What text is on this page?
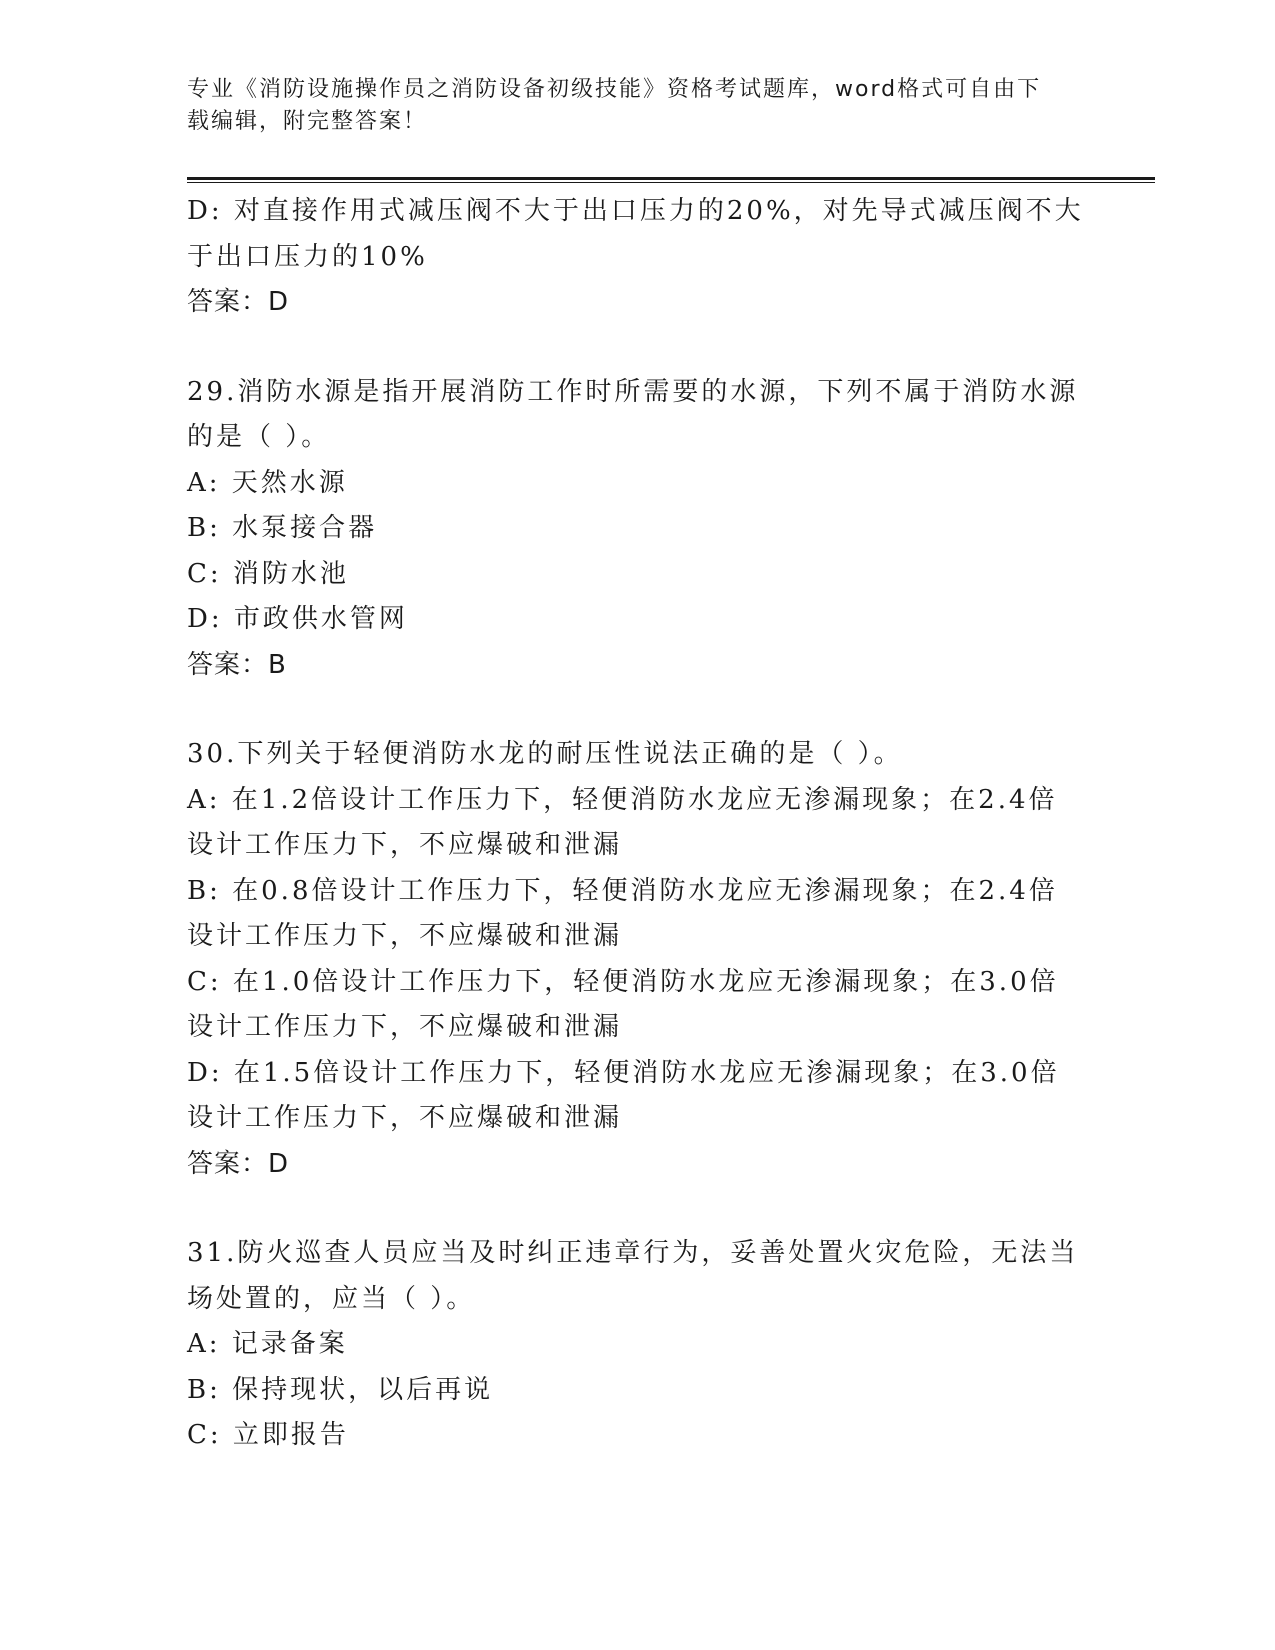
专业《消防设施操作员之消防设备初级技能》资格考试题库，word格式可自由下
载编辑，附完整答案！
D: 对直接作用式减压阀不大于出口压力的20%，对先导式减压阀不大
于出口压力的10%
答案：D
29.消防水源是指开展消防工作时所需要的水源，下列不属于消防水源
的是（ ）。
A: 天然水源
B: 水泵接合器
C: 消防水池
D: 市政供水管网
答案：B
30.下列关于轻便消防水龙的耐压性说法正确的是（ ）。
A: 在1.2倍设计工作压力下，轻便消防水龙应无渗漏现象；在2.4倍
设计工作压力下，不应爆破和泄漏
B: 在0.8倍设计工作压力下，轻便消防水龙应无渗漏现象；在2.4倍
设计工作压力下，不应爆破和泄漏
C: 在1.0倍设计工作压力下，轻便消防水龙应无渗漏现象；在3.0倍
设计工作压力下，不应爆破和泄漏
D: 在1.5倍设计工作压力下，轻便消防水龙应无渗漏现象；在3.0倍
设计工作压力下，不应爆破和泄漏
答案：D
31.防火巡查人员应当及时纠正违章行为，妥善处置火灾危险，无法当
场处置的，应当（ ）。
A: 记录备案
B: 保持现状，以后再说
C: 立即报告
